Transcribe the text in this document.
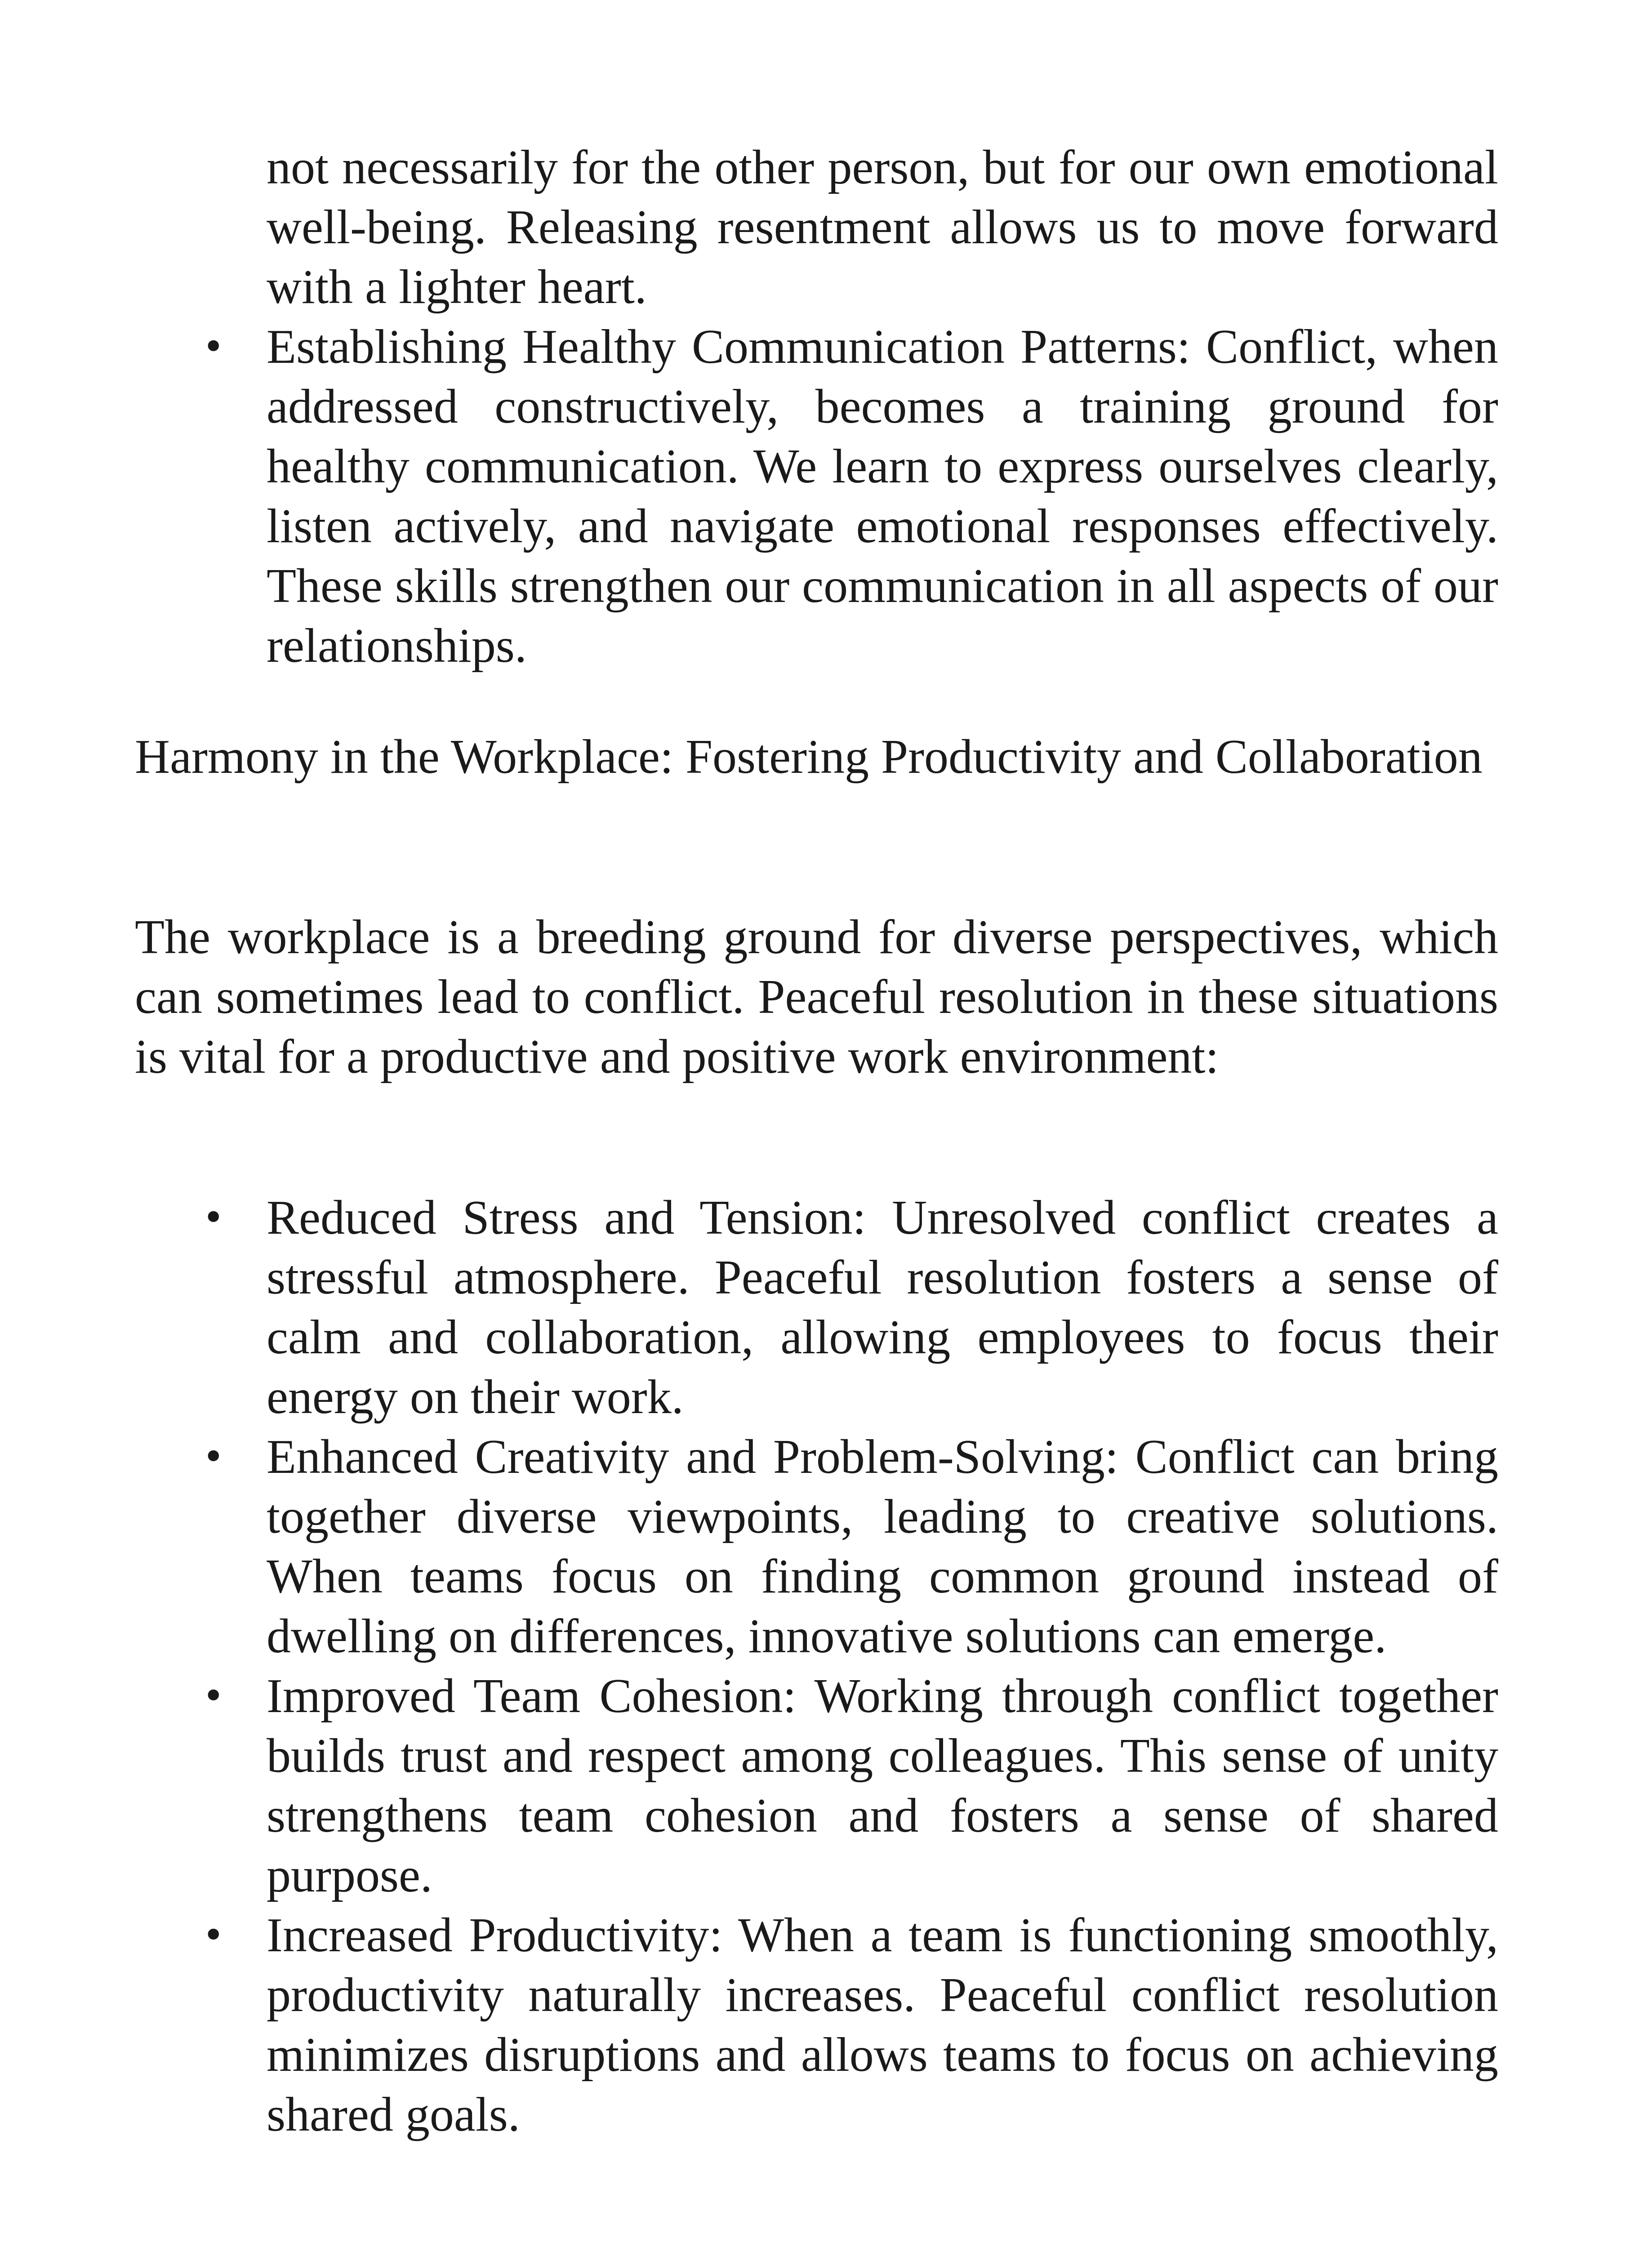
not necessarily for the other person, but for our own emotional well-being. Releasing resentment allows us to move forward with a lighter heart.

• Establishing Healthy Communication Patterns: Conflict, when addressed constructively, becomes a training ground for healthy communication. We learn to express ourselves clearly, listen actively, and navigate emotional responses effectively. These skills strengthen our communication in all aspects of our relationships.
Harmony in the Workplace: Fostering Productivity and Collaboration

The workplace is a breeding ground for diverse perspectives, which can sometimes lead to conflict. Peaceful resolution in these situations is vital for a productive and positive work environment:

• Reduced Stress and Tension: Unresolved conflict creates a stressful atmosphere. Peaceful resolution fosters a sense of calm and collaboration, allowing employees to focus their energy on their work.
• Enhanced Creativity and Problem-Solving: Conflict can bring together diverse viewpoints, leading to creative solutions. When teams focus on finding common ground instead of dwelling on differences, innovative solutions can emerge.
• Improved Team Cohesion: Working through conflict together builds trust and respect among colleagues. This sense of unity strengthens team cohesion and fosters a sense of shared purpose.
• Increased Productivity: When a team is functioning smoothly, productivity naturally increases. Peaceful conflict resolution minimizes disruptions and allows teams to focus on achieving shared goals.
